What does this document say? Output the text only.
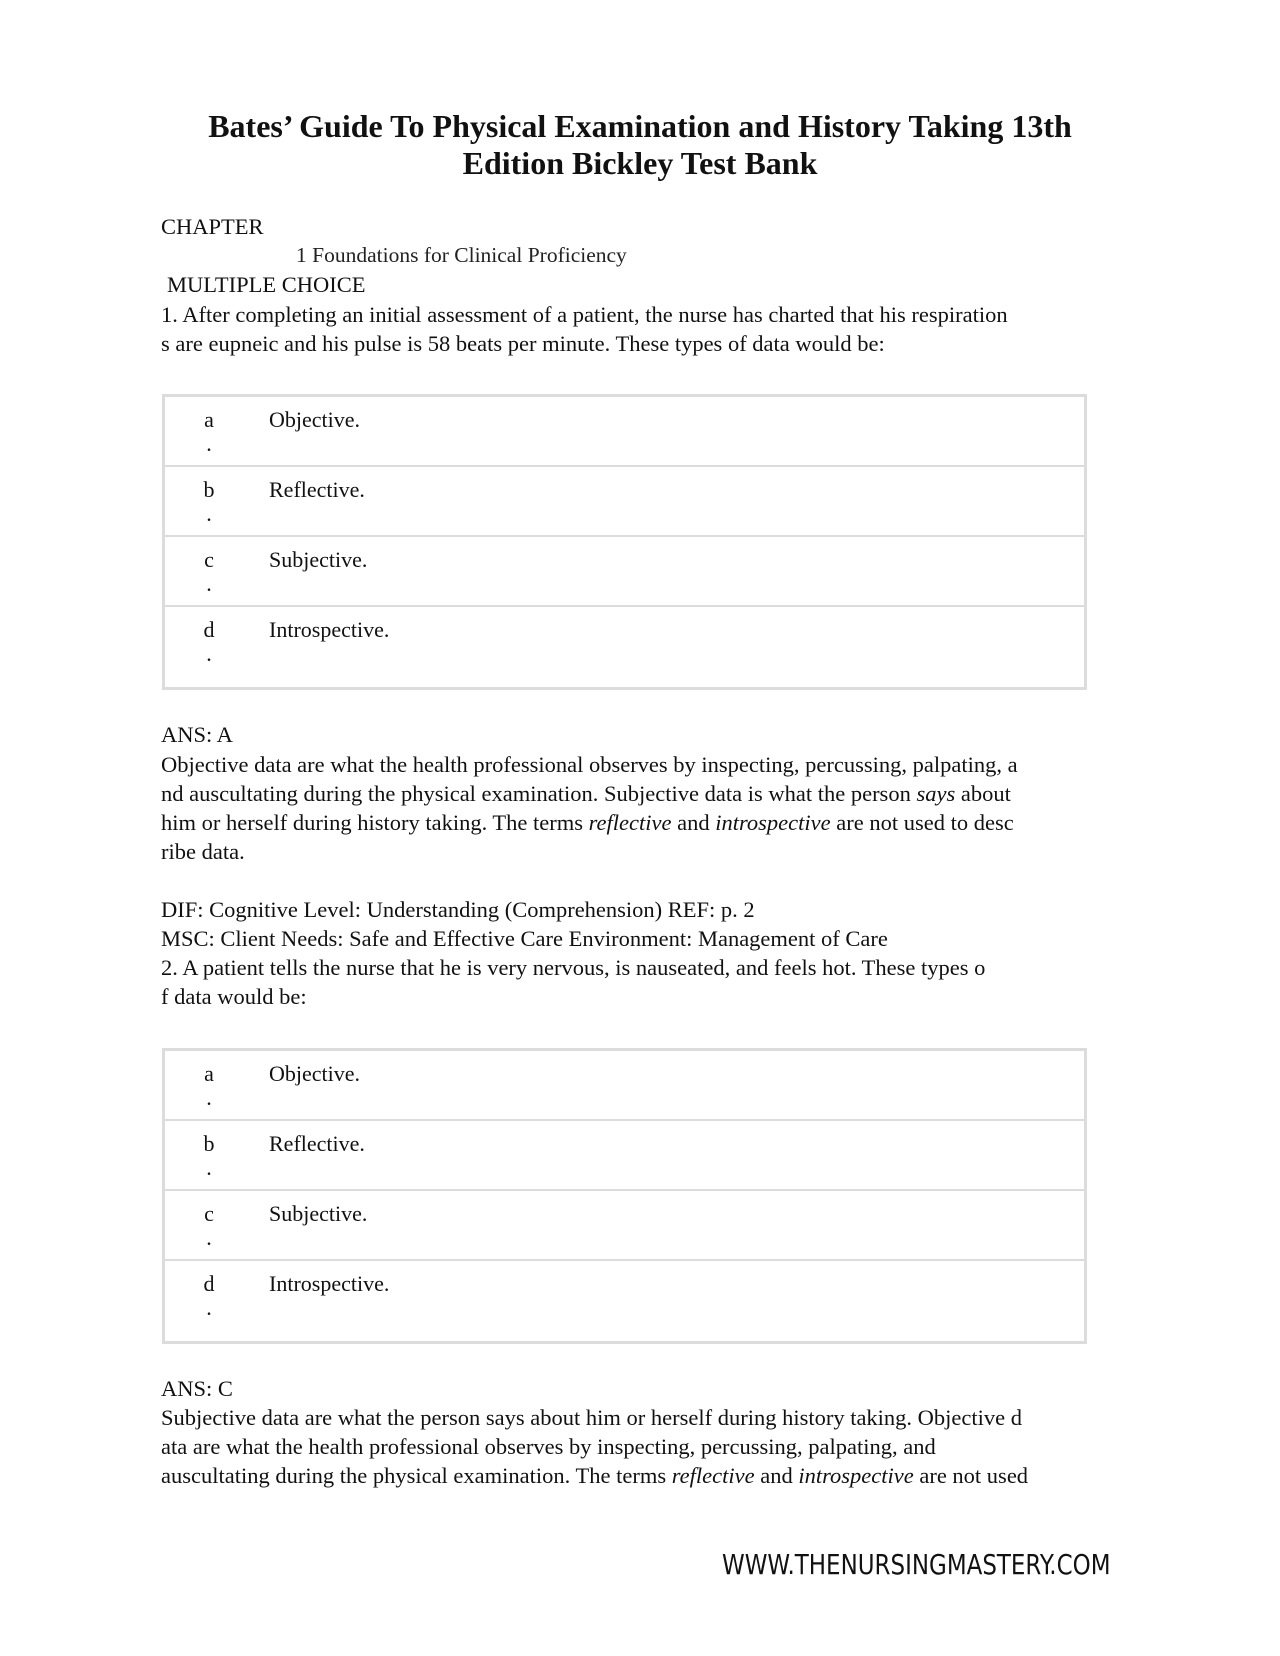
Bates’ Guide To Physical Examination and History Taking 13th
Edition Bickley Test Bank
CHAPTER
1 Foundations for Clinical Proficiency
MULTIPLE CHOICE
1. After completing an initial assessment of a patient, the nurse has charted that his respiration
s are eupneic and his pulse is 58 beats per minute. These types of data would be:
a
.
Objective.
b
.
Reflective.
c
.
Subjective.
d
.
Introspective.
ANS: A
Objective data are what the health professional observes by inspecting, percussing, palpating, a
nd auscultating during the physical examination. Subjective data is what the person says about
him or herself during history taking. The terms reflective and introspective are not used to desc
ribe data.
DIF: Cognitive Level: Understanding (Comprehension) REF: p. 2
MSC: Client Needs: Safe and Effective Care Environment: Management of Care
2. A patient tells the nurse that he is very nervous, is nauseated, and feels hot. These types o
f data would be:
a
.
Objective.
b
.
Reflective.
c
.
Subjective.
d
.
Introspective.
ANS: C
Subjective data are what the person says about him or herself during history taking. Objective d
ata are what the health professional observes by inspecting, percussing, palpating, and
auscultating during the physical examination. The terms reflective and introspective are not used
WWW.THENURSINGMASTERY.COM
